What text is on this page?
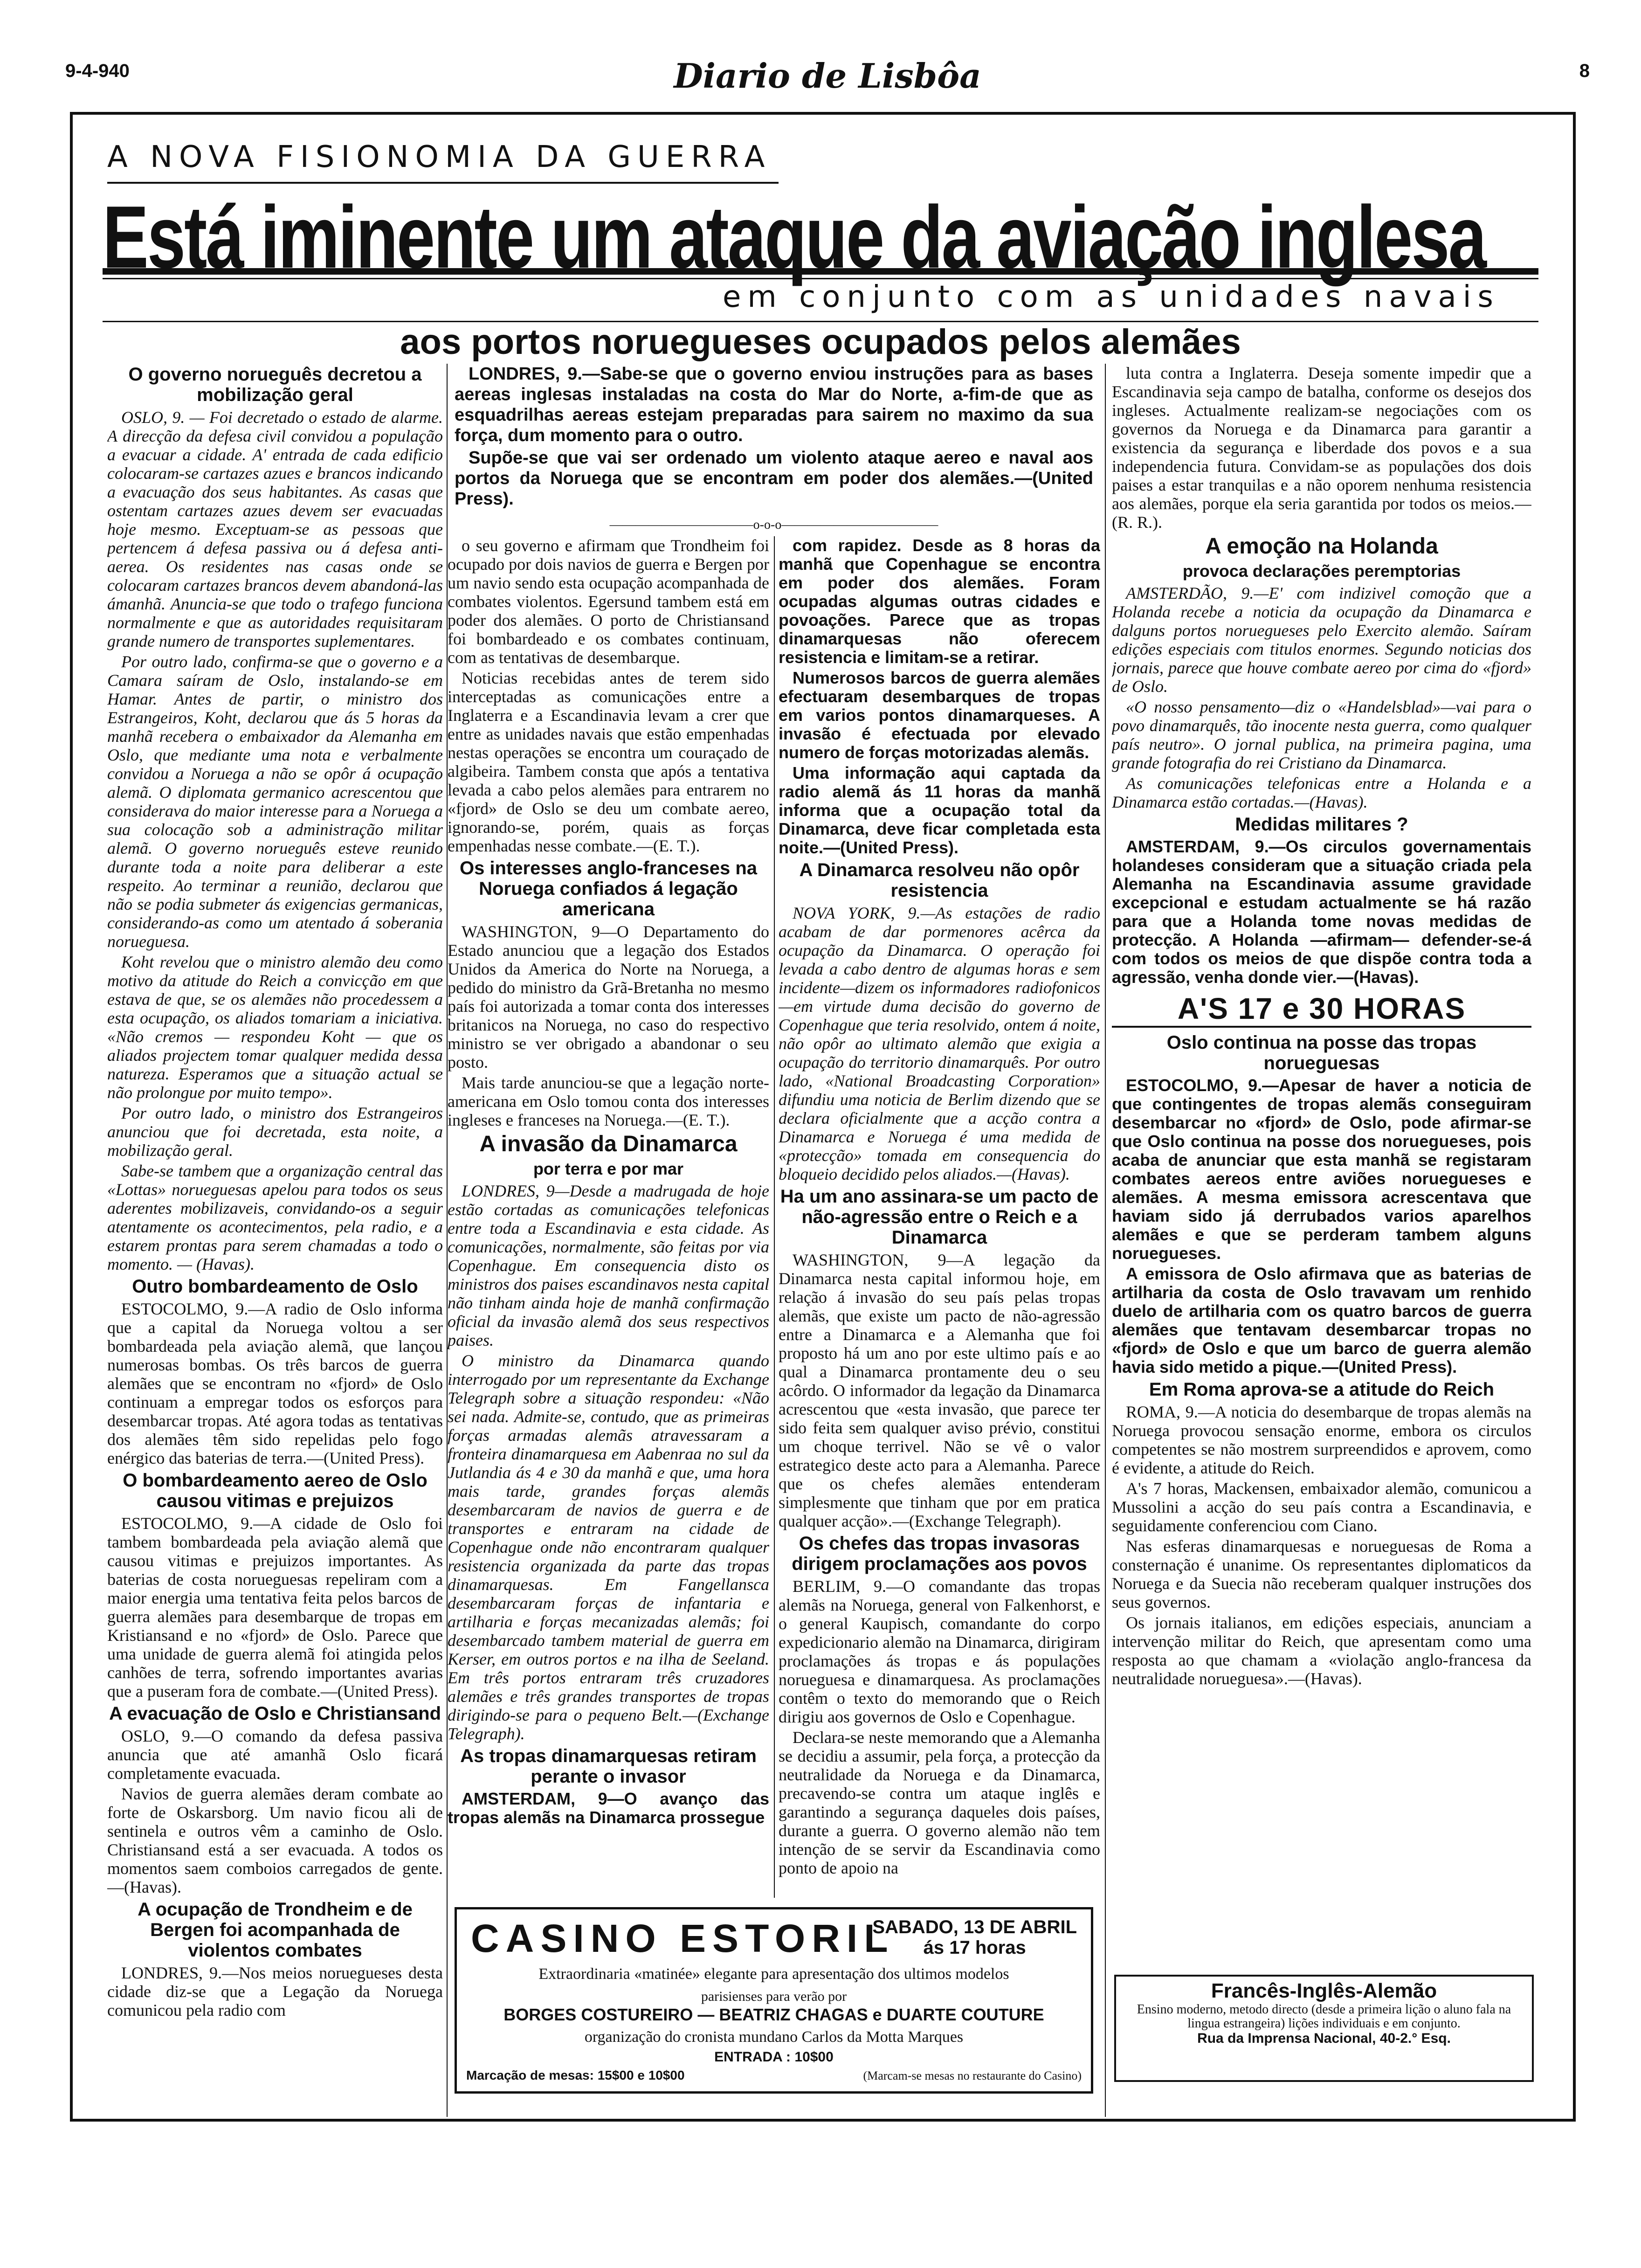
9-4-940	Diario de Lisbôa	8
A NOVA FISIONOMIA DA GUERRA
Está iminente um ataque da aviação inglesa
em conjunto com as unidades navais
aos portos noruegueses ocupados pelos alemães
O governo norueguês decretou a mobilização geral

OSLO, 9. — Foi decretado o estado de alarme. A direcção da defesa civil convidou a população a evacuar a cidade. A' entrada de cada edificio colocaram-se cartazes azues e brancos indicando a evacuação dos seus habitantes. As casas que ostentam cartazes azues devem ser evacuadas hoje mesmo. Exceptuam-se as pessoas que pertencem á defesa passiva ou á defesa anti-aerea. Os residentes nas casas onde se colocaram cartazes brancos devem abandoná-las ámanhã. Anuncia-se que todo o trafego funciona normalmente e que as autoridades requisitaram grande numero de transportes suplementares.

Por outro lado, confirma-se que o governo e a Camara saíram de Oslo, instalando-se em Hamar. Antes de partir, o ministro dos Estrangeiros, Koht, declarou que ás 5 horas da manhã recebera o embaixador da Alemanha em Oslo, que mediante uma nota e verbalmente convidou a Noruega a não se opôr á ocupação alemã. O diplomata germanico acrescentou que considerava do maior interesse para a Noruega a sua colocação sob a administração militar alemã. O governo norueguês esteve reunido durante toda a noite para deliberar a este respeito. Ao terminar a reunião, declarou que não se podia submeter ás exigencias germanicas, considerando-as como um atentado á soberania norueguesa.

Koht revelou que o ministro alemão deu como motivo da atitude do Reich a convicção em que estava de que, se os alemães não procedessem a esta ocupação, os aliados tomariam a iniciativa. «Não cremos — respondeu Koht — que os aliados projectem tomar qualquer medida dessa natureza. Esperamos que a situação actual se não prolongue por muito tempo».

Por outro lado, o ministro dos Estrangeiros anunciou que foi decretada, esta noite, a mobilização geral.

Sabe-se tambem que a organização central das «Lottas» norueguesas apelou para todos os seus aderentes mobilizaveis, convidando-os a seguir atentamente os acontecimentos, pela radio, e a estarem prontas para serem chamadas a todo o momento. — (Havas).

Outro bombardeamento de Oslo

ESTOCOLMO, 9.—A radio de Oslo informa que a capital da Noruega voltou a ser bombardeada pela aviação alemã, que lançou numerosas bombas. Os três barcos de guerra alemães que se encontram no «fjord» de Oslo continuam a empregar todos os esforços para desembarcar tropas. Até agora todas as tentativas dos alemães têm sido repelidas pelo fogo enérgico das baterias de terra.—(United Press).

O bombardeamento aereo de Oslo causou vitimas e prejuizos

ESTOCOLMO, 9.—A cidade de Oslo foi tambem bombardeada pela aviação alemã que causou vitimas e prejuizos importantes. As baterias de costa norueguesas repeliram com a maior energia uma tentativa feita pelos barcos de guerra alemães para desembarque de tropas em Kristiansand e no «fjord» de Oslo. Parece que uma unidade de guerra alemã foi atingida pelos canhões de terra, sofrendo importantes avarias que a puseram fora de combate.—(United Press).

A evacuação de Oslo e Christiansand

OSLO, 9.—O comando da defesa passiva anuncia que até amanhã Oslo ficará completamente evacuada.

Navios de guerra alemães deram combate ao forte de Oskarsborg. Um navio ficou ali de sentinela e outros vêm a caminho de Oslo. Christiansand está a ser evacuada. A todos os momentos saem comboios carregados de gente.—(Havas).

A ocupação de Trondheim e de Bergen foi acompanhada de violentos combates

LONDRES, 9.—Nos meios noruegueses desta cidade diz-se que a Legação da Noruega comunicou pela radio com

LONDRES, 9.—Sabe-se que o governo enviou instruções para as bases aereas inglesas instaladas na costa do Mar do Norte, a-fim-de que as esquadrilhas aereas estejam preparadas para sairem no maximo da sua força, dum momento para o outro.

Supõe-se que vai ser ordenado um violento ataque aereo e naval aos portos da Noruega que se encontram em poder dos alemães.—(United Press).

———————————o-o-o————————————

o seu governo e afirmam que Trondheim foi ocupado por dois navios de guerra e Bergen por um navio sendo esta ocupação acompanhada de combates violentos. Egersund tambem está em poder dos alemães. O porto de Christiansand foi bombardeado e os combates continuam, com as tentativas de desembarque.

Noticias recebidas antes de terem sido interceptadas as comunicações entre a Inglaterra e a Escandinavia levam a crer que entre as unidades navais que estão empenhadas nestas operações se encontra um couraçado de algibeira. Tambem consta que após a tentativa levada a cabo pelos alemães para entrarem no «fjord» de Oslo se deu um combate aereo, ignorando-se, porém, quais as forças empenhadas nesse combate.—(E. T.).

Os interesses anglo-franceses na Noruega confiados á legação americana

WASHINGTON, 9—O Departamento do Estado anunciou que a legação dos Estados Unidos da America do Norte na Noruega, a pedido do ministro da Grã-Bretanha no mesmo país foi autorizada a tomar conta dos interesses britanicos na Noruega, no caso do respectivo ministro se ver obrigado a abandonar o seu posto.

Mais tarde anunciou-se que a legação norte-americana em Oslo tomou conta dos interesses ingleses e franceses na Noruega.—(E. T.).

A invasão da Dinamarca
por terra e por mar

LONDRES, 9—Desde a madrugada de hoje estão cortadas as comunicações telefonicas entre toda a Escandinavia e esta cidade. As comunicações, normalmente, são feitas por via Copenhague. Em consequencia disto os ministros dos paises escandinavos nesta capital não tinham ainda hoje de manhã confirmação oficial da invasão alemã dos seus respectivos paises.

O ministro da Dinamarca quando interrogado por um representante da Exchange Telegraph sobre a situação respondeu: «Não sei nada. Admite-se, contudo, que as primeiras forças armadas alemãs atravessaram a fronteira dinamarquesa em Aabenraa no sul da Jutlandia ás 4 e 30 da manhã e que, uma hora mais tarde, grandes forças alemãs desembarcaram de navios de guerra e de transportes e entraram na cidade de Copenhague onde não encontraram qualquer resistencia organizada da parte das tropas dinamarquesas. Em Fangellansca desembarcaram forças de infantaria e artilharia e forças mecanizadas alemãs; foi desembarcado tambem material de guerra em Kerser, em outros portos e na ilha de Seeland. Em três portos entraram três cruzadores alemães e três grandes transportes de tropas dirigindo-se para o pequeno Belt.—(Exchange Telegraph).

As tropas dinamarquesas retiram perante o invasor

AMSTERDAM, 9—O avanço das tropas alemãs na Dinamarca prossegue

com rapidez. Desde as 8 horas da manhã que Copenhague se encontra em poder dos alemães. Foram ocupadas algumas outras cidades e povoações. Parece que as tropas dinamarquesas não oferecem resistencia e limitam-se a retirar.

Numerosos barcos de guerra alemães efectuaram desembarques de tropas em varios pontos dinamarqueses. A invasão é efectuada por elevado numero de forças motorizadas alemãs.

Uma informação aqui captada da radio alemã ás 11 horas da manhã informa que a ocupação total da Dinamarca, deve ficar completada esta noite.—(United Press).

A Dinamarca resolveu não opôr resistencia

NOVA YORK, 9.—As estações de radio acabam de dar pormenores acêrca da ocupação da Dinamarca. O operação foi levada a cabo dentro de algumas horas e sem incidente—dizem os informadores radiofonicos—em virtude duma decisão do governo de Copenhague que teria resolvido, ontem á noite, não opôr ao ultimato alemão que exigia a ocupação do territorio dinamarquês. Por outro lado, «National Broadcasting Corporation» difundiu uma noticia de Berlim dizendo que se declara oficialmente que a acção contra a Dinamarca e Noruega é uma medida de «protecção» tomada em consequencia do bloqueio decidido pelos aliados.—(Havas).

Ha um ano assinara-se um pacto de não-agressão entre o Reich e a Dinamarca

WASHINGTON, 9—A legação da Dinamarca nesta capital informou hoje, em relação á invasão do seu país pelas tropas alemãs, que existe um pacto de não-agressão entre a Dinamarca e a Alemanha que foi proposto há um ano por este ultimo país e ao qual a Dinamarca prontamente deu o seu acôrdo. O informador da legação da Dinamarca acrescentou que «esta invasão, que parece ter sido feita sem qualquer aviso prévio, constitui um choque terrivel. Não se vê o valor estrategico deste acto para a Alemanha. Parece que os chefes alemães entenderam simplesmente que tinham que por em pratica qualquer acção».—(Exchange Telegraph).

Os chefes das tropas invasoras dirigem proclamações aos povos

BERLIM, 9.—O comandante das tropas alemãs na Noruega, general von Falkenhorst, e o general Kaupisch, comandante do corpo expedicionario alemão na Dinamarca, dirigiram proclamações ás tropas e ás populações norueguesa e dinamarquesa. As proclamações contêm o texto do memorando que o Reich dirigiu aos governos de Oslo e Copenhague.

Declara-se neste memorando que a Alemanha se decidiu a assumir, pela força, a protecção da neutralidade da Noruega e da Dinamarca, precavendo-se contra um ataque inglês e garantindo a segurança daqueles dois países, durante a guerra. O governo alemão não tem intenção de se servir da Escandinavia como ponto de apoio na

luta contra a Inglaterra. Deseja somente impedir que a Escandinavia seja campo de batalha, conforme os desejos dos ingleses. Actualmente realizam-se negociações com os governos da Noruega e da Dinamarca para garantir a existencia da segurança e liberdade dos povos e a sua independencia futura. Convidam-se as populações dos dois paises a estar tranquilas e a não oporem nenhuma resistencia aos alemães, porque ela seria garantida por todos os meios.—(R. R.).

A emoção na Holanda
provoca declarações peremptorias

AMSTERDÃO, 9.—E' com indizivel comoção que a Holanda recebe a noticia da ocupação da Dinamarca e dalguns portos noruegueses pelo Exercito alemão. Saíram edições especiais com titulos enormes. Segundo noticias dos jornais, parece que houve combate aereo por cima do «fjord» de Oslo.

«O nosso pensamento—diz o «Handelsblad»—vai para o povo dinamarquês, tão inocente nesta guerra, como qualquer país neutro». O jornal publica, na primeira pagina, uma grande fotografia do rei Cristiano da Dinamarca.

As comunicações telefonicas entre a Holanda e a Dinamarca estão cortadas.—(Havas).

Medidas militares ?

AMSTERDAM, 9.—Os circulos governamentais holandeses consideram que a situação criada pela Alemanha na Escandinavia assume gravidade excepcional e estudam actualmente se há razão para que a Holanda tome novas medidas de protecção. A Holanda —afirmam— defender-se-á com todos os meios de que dispõe contra toda a agressão, venha donde vier.—(Havas).

A'S 17 e 30 HORAS
Oslo continua na posse das tropas norueguesas

ESTOCOLMO, 9.—Apesar de haver a noticia de que contingentes de tropas alemãs conseguiram desembarcar no «fjord» de Oslo, pode afirmar-se que Oslo continua na posse dos noruegueses, pois acaba de anunciar que esta manhã se registaram combates aereos entre aviões noruegueses e alemães. A mesma emissora acrescentava que haviam sido já derrubados varios aparelhos alemães e que se perderam tambem alguns noruegueses.

A emissora de Oslo afirmava que as baterias de artilharia da costa de Oslo travavam um renhido duelo de artilharia com os quatro barcos de guerra alemães que tentavam desembarcar tropas no «fjord» de Oslo e que um barco de guerra alemão havia sido metido a pique.—(United Press).

Em Roma aprova-se a atitude do Reich

ROMA, 9.—A noticia do desembarque de tropas alemãs na Noruega provocou sensação enorme, embora os circulos competentes se não mostrem surpreendidos e aprovem, como é evidente, a atitude do Reich.

A's 7 horas, Mackensen, embaixador alemão, comunicou a Mussolini a acção do seu país contra a Escandinavia, e seguidamente conferenciou com Ciano.

Nas esferas dinamarquesas e norueguesas de Roma a consternação é unanime. Os representantes diplomaticos da Noruega e da Suecia não receberam qualquer instruções dos seus governos.

Os jornais italianos, em edições especiais, anunciam a intervenção militar do Reich, que apresentam como uma resposta ao que chamam a «violação anglo-francesa da neutralidade norueguesa».—(Havas).

CASINO ESTORIL
SABADO, 13 DE ABRIL
ás 17 horas
Extraordinaria «matinée» elegante para apresentação dos ultimos modelos
parisienses para verão por
BORGES COSTUREIRO — BEATRIZ CHAGAS e DUARTE COUTURE
organização do cronista mundano Carlos da Motta Marques
ENTRADA : 10$00
Marcação de mesas: 15$00 e 10$00	(Marcam-se mesas no restaurante do Casino)
Francês-Inglês-Alemão
Ensino moderno, metodo directo (desde a primeira lição o aluno fala na lingua estrangeira) lições individuais e em conjunto.
Rua da Imprensa Nacional, 40-2.° Esq.
